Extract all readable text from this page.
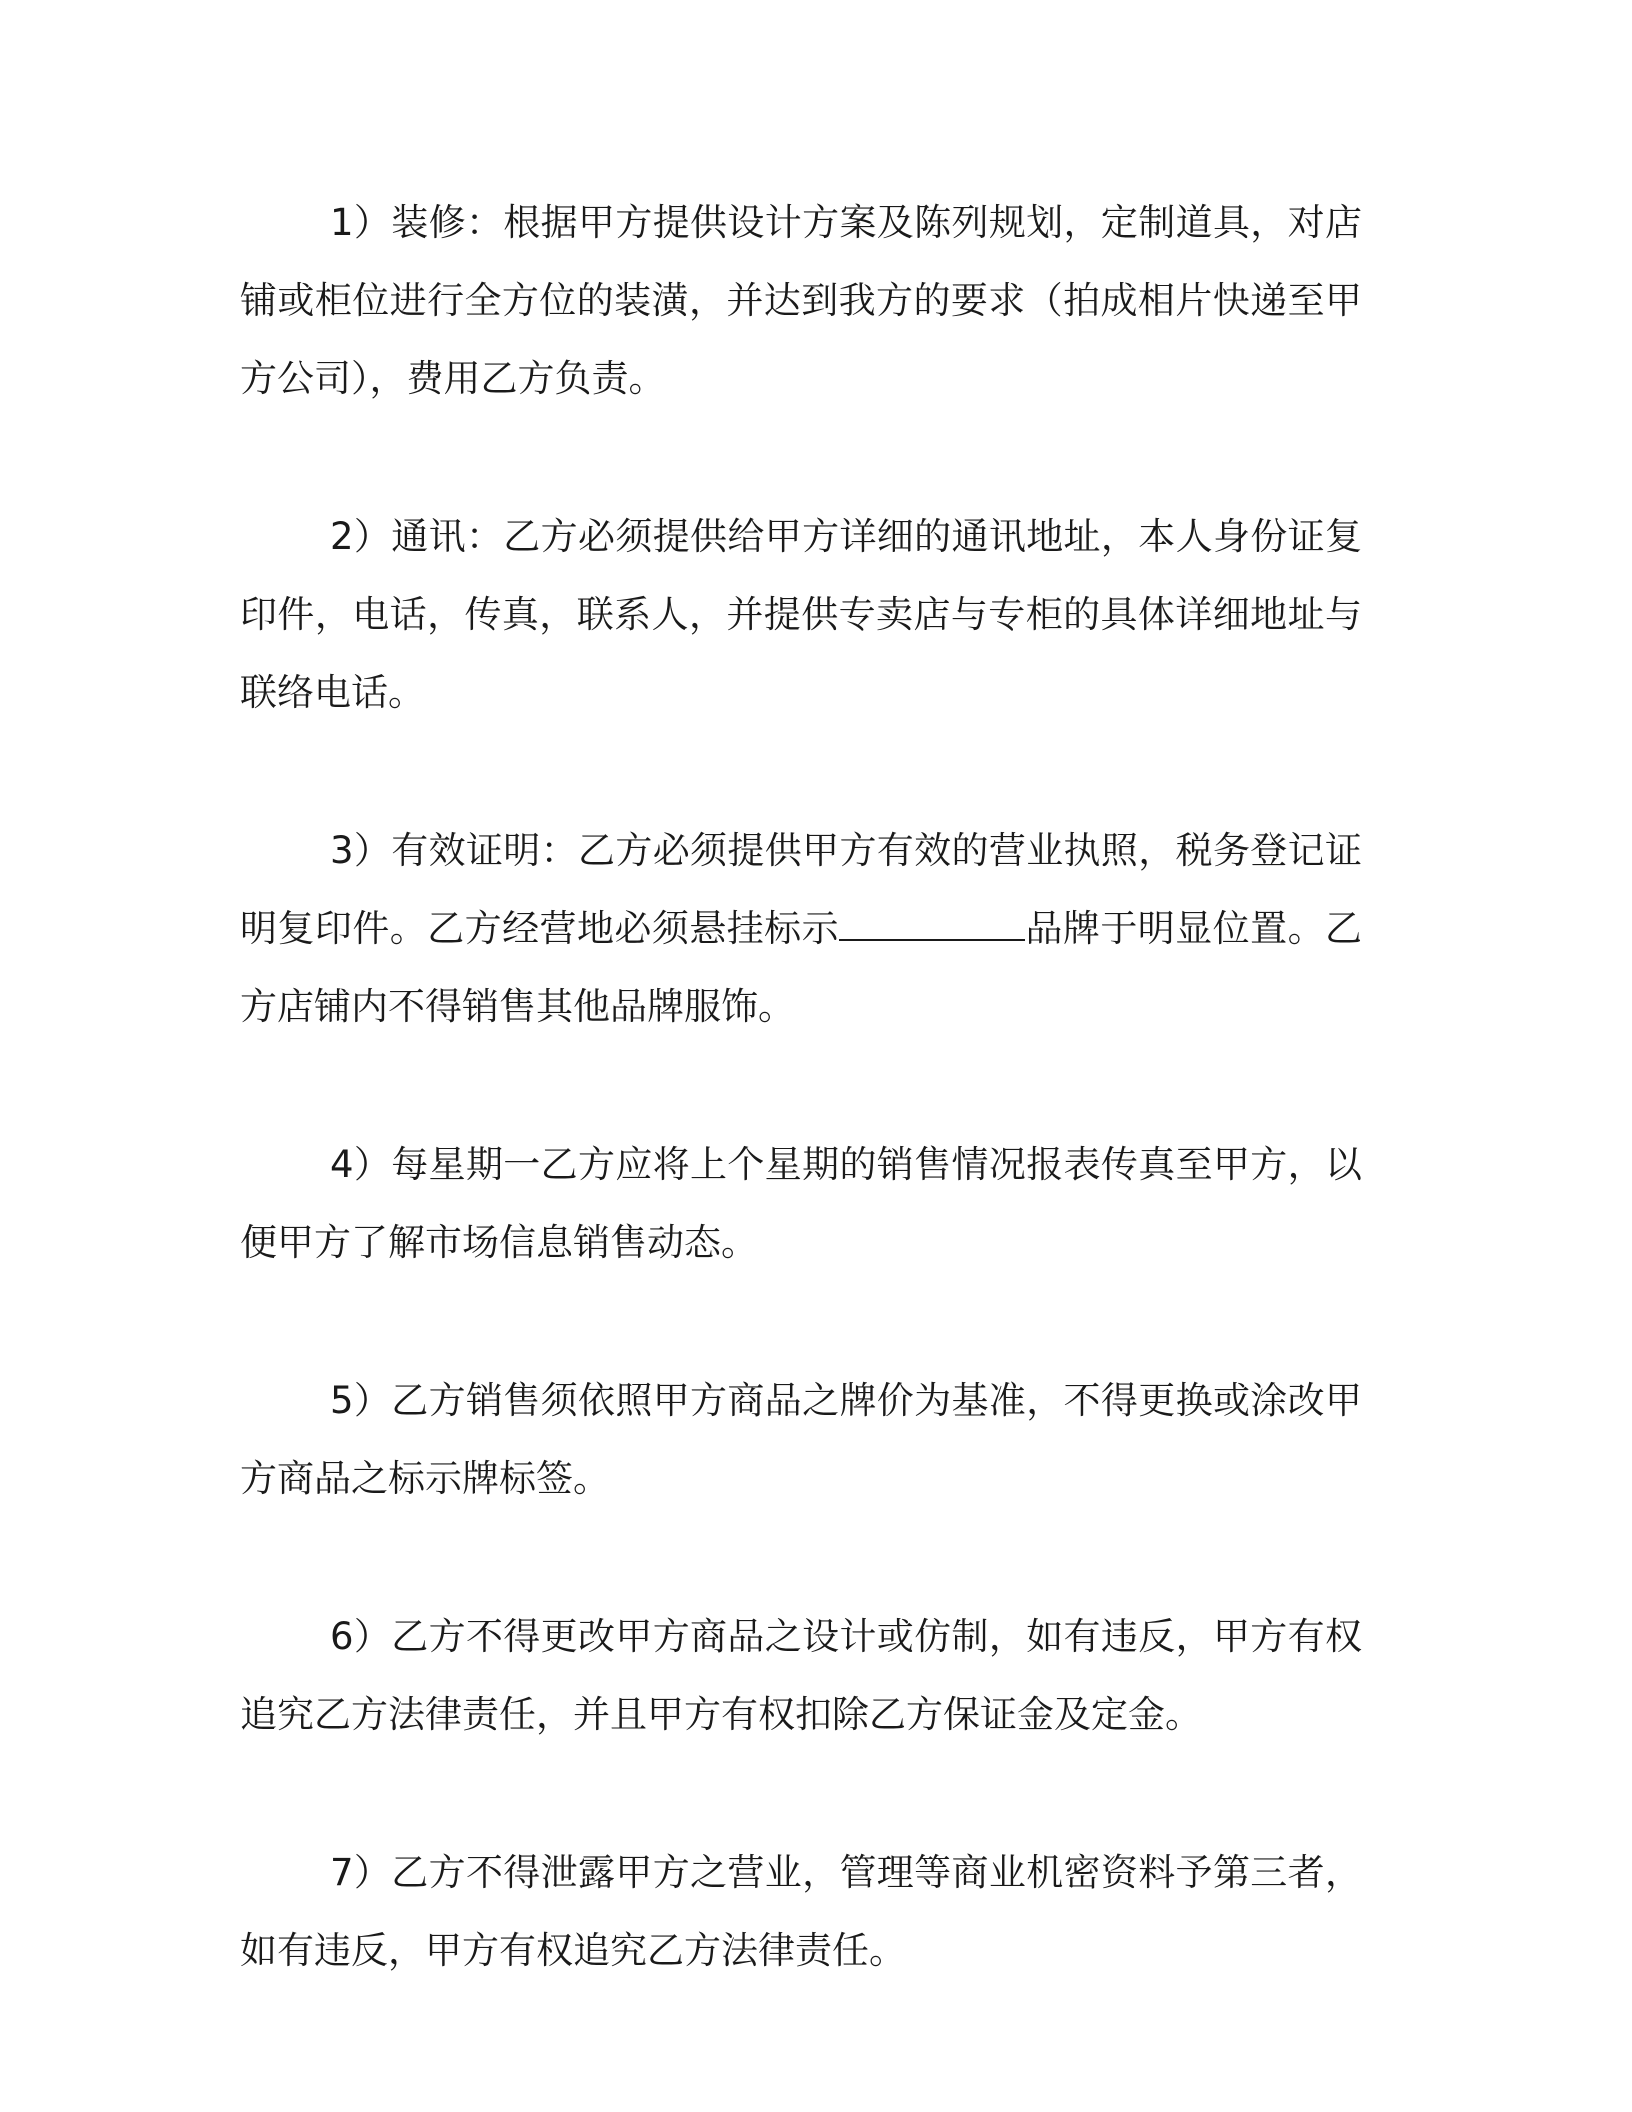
1）装修：根据甲方提供设计方案及陈列规划，定制道具，对店铺或柜位进行全方位的装潢，并达到我方的要求（拍成相片快递至甲方公司），费用乙方负责。

2）通讯：乙方必须提供给甲方详细的通讯地址，本人身份证复印件，电话，传真，联系人，并提供专卖店与专柜的具体详细地址与联络电话。

3）有效证明：乙方必须提供甲方有效的营业执照，税务登记证明复印件。乙方经营地必须悬挂标示	品牌于明显位置。乙方店铺内不得销售其他品牌服饰。

4）每星期一乙方应将上个星期的销售情况报表传真至甲方，以便甲方了解市场信息销售动态。

5）乙方销售须依照甲方商品之牌价为基准，不得更换或涂改甲方商品之标示牌标签。

6）乙方不得更改甲方商品之设计或仿制，如有违反，甲方有权追究乙方法律责任，并且甲方有权扣除乙方保证金及定金。

7）乙方不得泄露甲方之营业，管理等商业机密资料予第三者，如有违反，甲方有权追究乙方法律责任。
